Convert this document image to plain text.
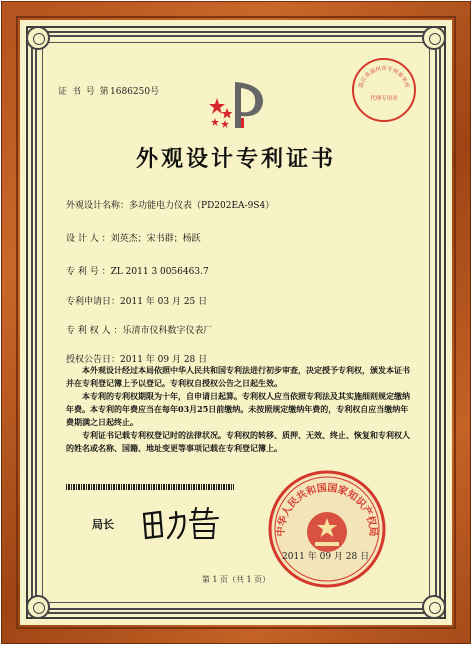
证 书 号 第 1686250号
浙江省温州市专利事务所
代理专用章
外观设计专利证书
外观设计名称：多功能电力仪表（PD202EA-9S4）
设 计 人 ：刘英杰；宋书群；杨跃
专 利 号 ：ZL 2011 3 0056463.7
专利申请日：2011 年 03 月 25 日
专 利 权 人 ：乐清市仪科数字仪表厂
授权公告日：2011 年 09 月 28 日

本外观设计经过本局依照中华人民共和国专利法进行初步审查，决定授予专利权，颁发本证书并在专利登记簿上予以登记。专利权自授权公告之日起生效。

本专利的专利权期限为十年，自申请日起算。专利权人应当依照专利法及其实施细则规定缴纳年费。本专利的年费应当在每年03月25日前缴纳。未按照规定缴纳年费的，专利权自应当缴纳年费期满之日起终止。

专利证书记载专利权登记时的法律状况。专利权的转移、质押、无效、终止、恢复和专利权人的姓名或名称、国籍、地址变更等事项记载在专利登记簿上。

局长
中华人民共和国国家知识产权局
2011 年 09 月 28 日
第 1 页（共 1 页）
